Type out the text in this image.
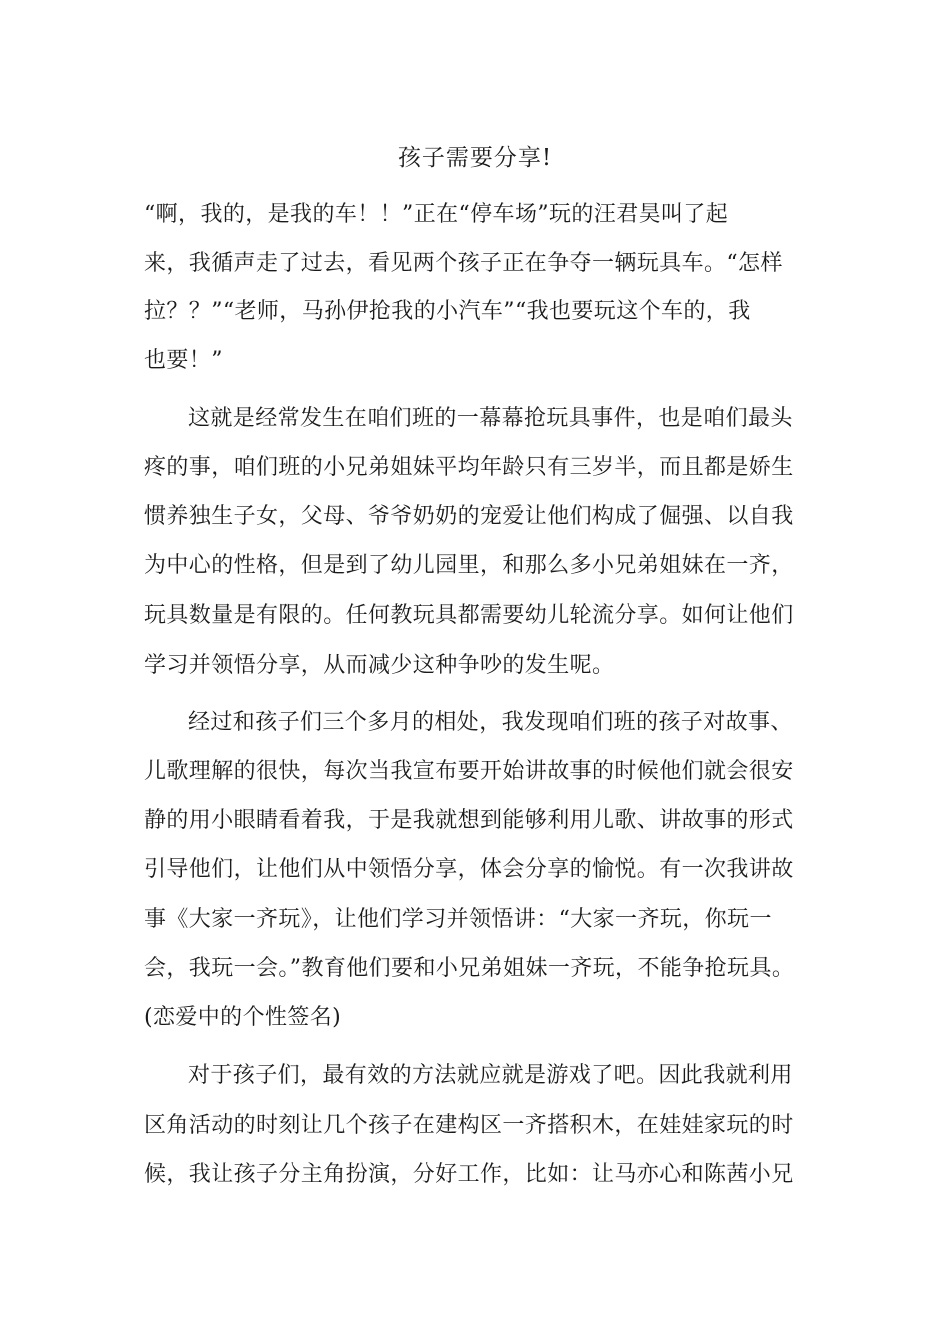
孩子需要分享!
“啊，我的，是我的车！！”正在“停车场”玩的汪君昊叫了起
来，我循声走了过去，看见两个孩子正在争夺一辆玩具车。“怎样
拉？？”“老师，马孙伊抢我的小汽车”“我也要玩这个车的，我
也要！”
这就是经常发生在咱们班的一幕幕抢玩具事件，也是咱们最头
疼的事，咱们班的小兄弟姐妹平均年龄只有三岁半，而且都是娇生
惯养独生子女，父母、爷爷奶奶的宠爱让他们构成了倔强、以自我
为中心的性格，但是到了幼儿园里，和那么多小兄弟姐妹在一齐，
玩具数量是有限的。任何教玩具都需要幼儿轮流分享。如何让他们
学习并领悟分享，从而减少这种争吵的发生呢。
经过和孩子们三个多月的相处，我发现咱们班的孩子对故事、
儿歌理解的很快，每次当我宣布要开始讲故事的时候他们就会很安
静的用小眼睛看着我，于是我就想到能够利用儿歌、讲故事的形式
引导他们，让他们从中领悟分享，体会分享的愉悦。有一次我讲故
事《大家一齐玩》，让他们学习并领悟讲：“大家一齐玩，你玩一
会，我玩一会。”教育他们要和小兄弟姐妹一齐玩，不能争抢玩具。
(恋爱中的个性签名)
对于孩子们，最有效的方法就应就是游戏了吧。因此我就利用
区角活动的时刻让几个孩子在建构区一齐搭积木，在娃娃家玩的时
候，我让孩子分主角扮演，分好工作，比如：让马亦心和陈茜小兄
